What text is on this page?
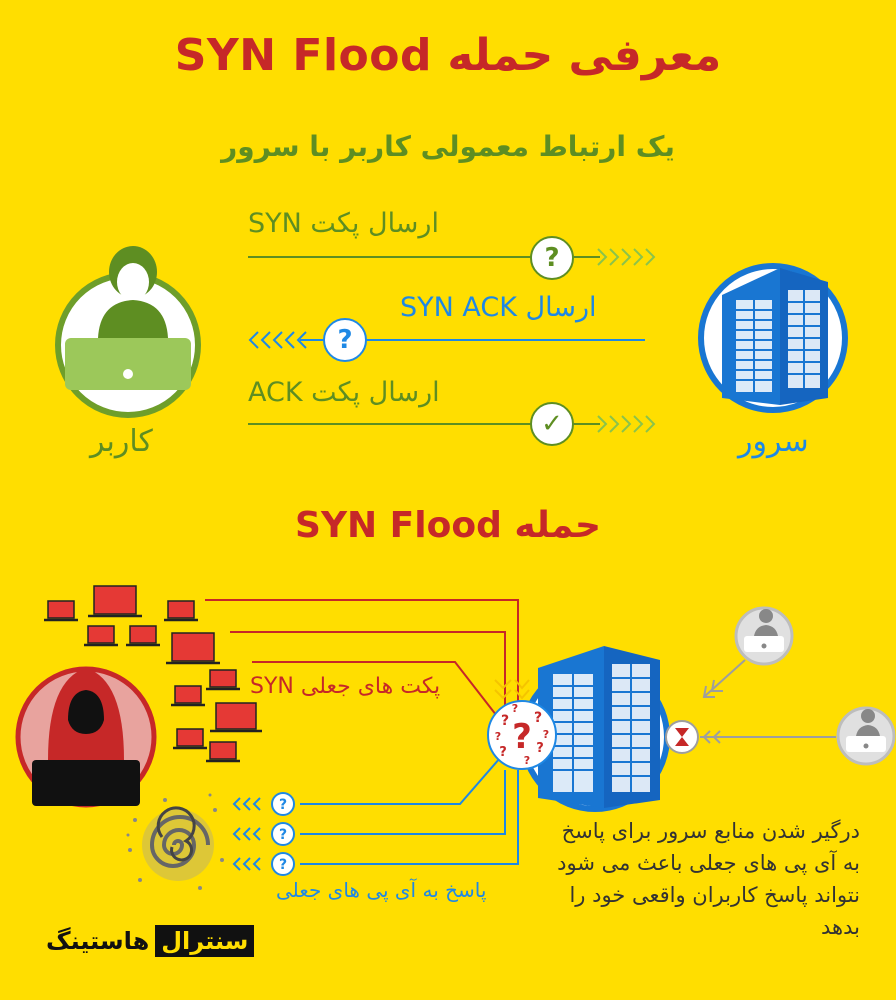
?
?
?
?
? ?
? ?
?
?
?	?
معرفی حمله SYN Flood
یک ارتباط معمولی کاربر با سرور
ارسال پکت SYN
ارسال SYN ACK
ارسال پکت ACK
?
?
✓
کاربر	سرور
حمله SYN Flood
پکت های جعلی SYN
پاسخ به آی پی های جعلی
درگیر شدن منابع سرور برای پاسخ به آی پی های جعلی باعث می شود نتواند پاسخ کاربران واقعی خود را بدهد
سنترال
هاستینگ
